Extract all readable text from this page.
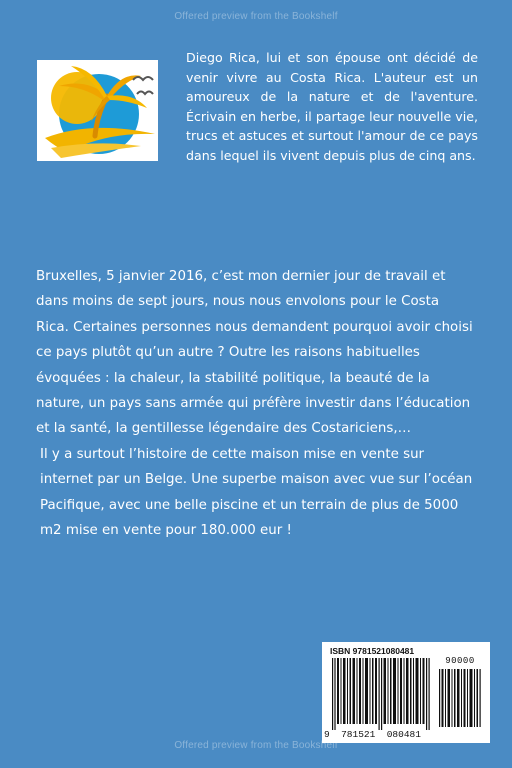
Offered preview from the Bookshelf

Diego Rica, lui et son épouse ont décidé de venir vivre au Costa Rica. L'auteur est un amoureux de la nature et de l'aventure. Écrivain en herbe, il partage leur nouvelle vie, trucs et astuces et surtout l'amour de ce pays dans lequel ils vivent depuis plus de cinq ans.

Bruxelles, 5 janvier 2016, c’est mon dernier jour de travail et dans moins de sept jours, nous nous envolons pour le Costa Rica. Certaines personnes nous demandent pourquoi avoir choisi ce pays plutôt qu’un autre ? Outre les raisons habituelles évoquées : la chaleur, la stabilité politique, la beauté de la nature, un pays sans armée qui préfère investir dans l’éducation et la santé, la gentillesse légendaire des Costariciens,…

Il y a surtout l’histoire de cette maison mise en vente sur internet par un Belge. Une superbe maison avec vue sur l’océan Pacifique, avec une belle piscine et un terrain de plus de 5000 m2 mise en vente pour 180.000 eur !

ISBN 9781521080481
90000
9  781521  080481
Offered preview from the Bookshelf
